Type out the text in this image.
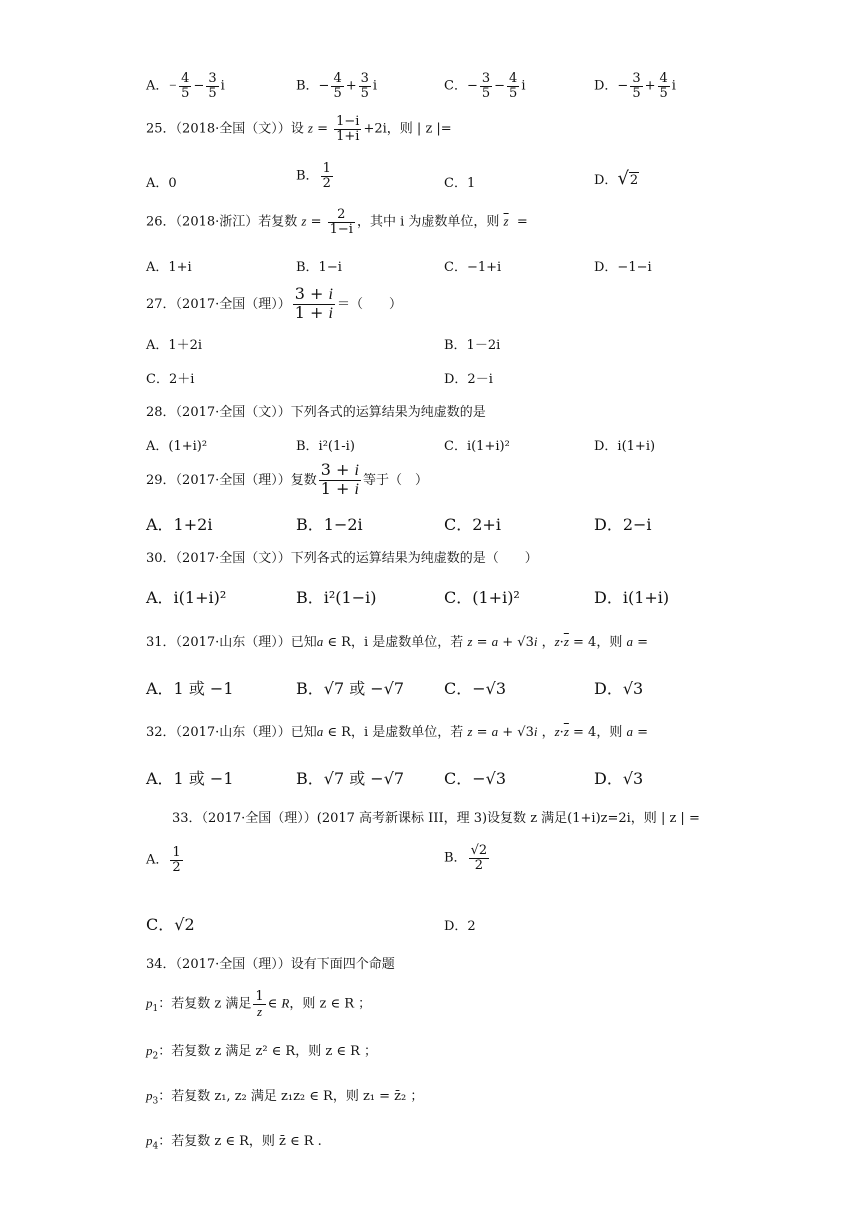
A．− $\frac{4}{5} - \frac{3}{5}$ i	B．− $\frac{4}{5} + \frac{3}{5}$ i	C．− $\frac{3}{5} - \frac{4}{5}$ i	D．− $\frac{3}{5} + \frac{4}{5}$ i
25．（2018·全国（文））设 $z = \frac{1-i}{1+i} +2i$，则 | z |=
A．0	B． $\frac{1}{2}$	C．1	D．√2
26．（2018·浙江）若复数 $z = \frac{2}{1-i}$ ，其中 i 为虚数单位，则 $\overline{z}$  =
A．1+i	B．1−i	C．−1+i	D．−1−i
27．（2017·全国（理）） $\frac{3 + i}{1 + i}$ ＝（　　）
A．1＋2i	B．1－2i
C．2＋i	D．2－i
28．（2017·全国（文））下列各式的运算结果为纯虚数的是
A．(1+i)²	B．i²(1-i)	C．i(1+i)²	D．i(1+i)
29．（2017·全国（理））复数 $\frac{3 + i}{1 + i}$ 等于（　）
A．1+2i	B．1−2i	C．2+i	D．2−i
30．（2017·全国（文））下列各式的运算结果为纯虚数的是（　　）
A．i(1+i)²	B．i²(1−i)	C．(1+i)²	D．i(1+i)
31．（2017·山东（理））已知a ∈ R，i 是虚数单位，若 z = a + √3i ，$z\cdot\overline{z} = 4$，则 a =
A．1 或 −1	B．√7 或 −√7 C．−√3	D．√3
32．（2017·山东（理））已知a ∈ R，i 是虚数单位，若 z = a + √3i ，$z\cdot\overline{z} = 4$，则 a =
A．1 或 −1	B．√7 或 −√7 C．−√3	D．√3
33．（2017·全国（理））(2017 高考新课标 III，理 3)设复数 z 满足(1+i)z=2i，则 | z | =
A． $\frac{1}{2}$	B． $\frac{√2}{2}$
C．√2	D．2
34．（2017·全国（理））设有下面四个命题
$p_1$：若复数 z 满足 $\frac{1}{z}$ ∈ R，则 z ∈ R ；
$p_2$：若复数 z 满足 z² ∈ R，则 z ∈ R ；
$p_3$：若复数 z₁, z₂ 满足 z₁z₂ ∈ R，则 z₁ = z̄₂ ；
$p_4$：若复数 z ∈ R，则 z̄ ∈ R .
